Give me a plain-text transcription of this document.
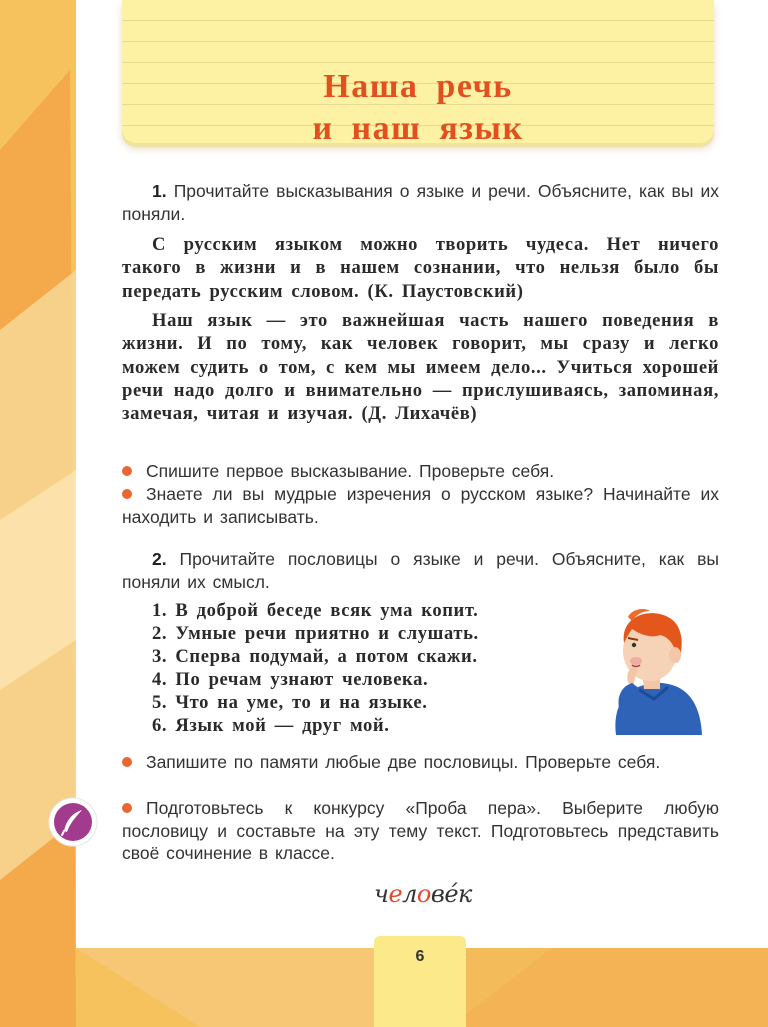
Наша речь
и наш язык
1. Прочитайте высказывания о языке и речи. Объясните, как вы их поняли.
С русским языком можно творить чудеса. Нет ничего такого в жизни и в нашем сознании, что нельзя было бы передать русским словом. (К. Паустовский)
Наш язык — это важнейшая часть нашего поведения в жизни. И по тому, как человек говорит, мы сразу и легко можем судить о том, с кем мы имеем дело... Учиться хорошей речи надо долго и внимательно — прислушиваясь, запоминая, замечая, читая и изучая. (Д. Лихачёв)
Спишите первое высказывание. Проверьте себя.
Знаете ли вы мудрые изречения о русском языке? Начинайте их находить и записывать.
2. Прочитайте пословицы о языке и речи. Объясните, как вы поняли их смысл.
1. В доброй беседе всяк ума копит.
2. Умные речи приятно и слушать.
3. Сперва подумай, а потом скажи.
4. По речам узнают человека.
5. Что на уме, то и на языке.
6. Язык мой — друг мой.
Запишите по памяти любые две пословицы. Проверьте себя.
Подготовьтесь к конкурсу «Проба пера». Выберите любую пословицу и составьте на эту тему текст. Подготовьтесь представить своё сочинение в классе.
челове́к
6
